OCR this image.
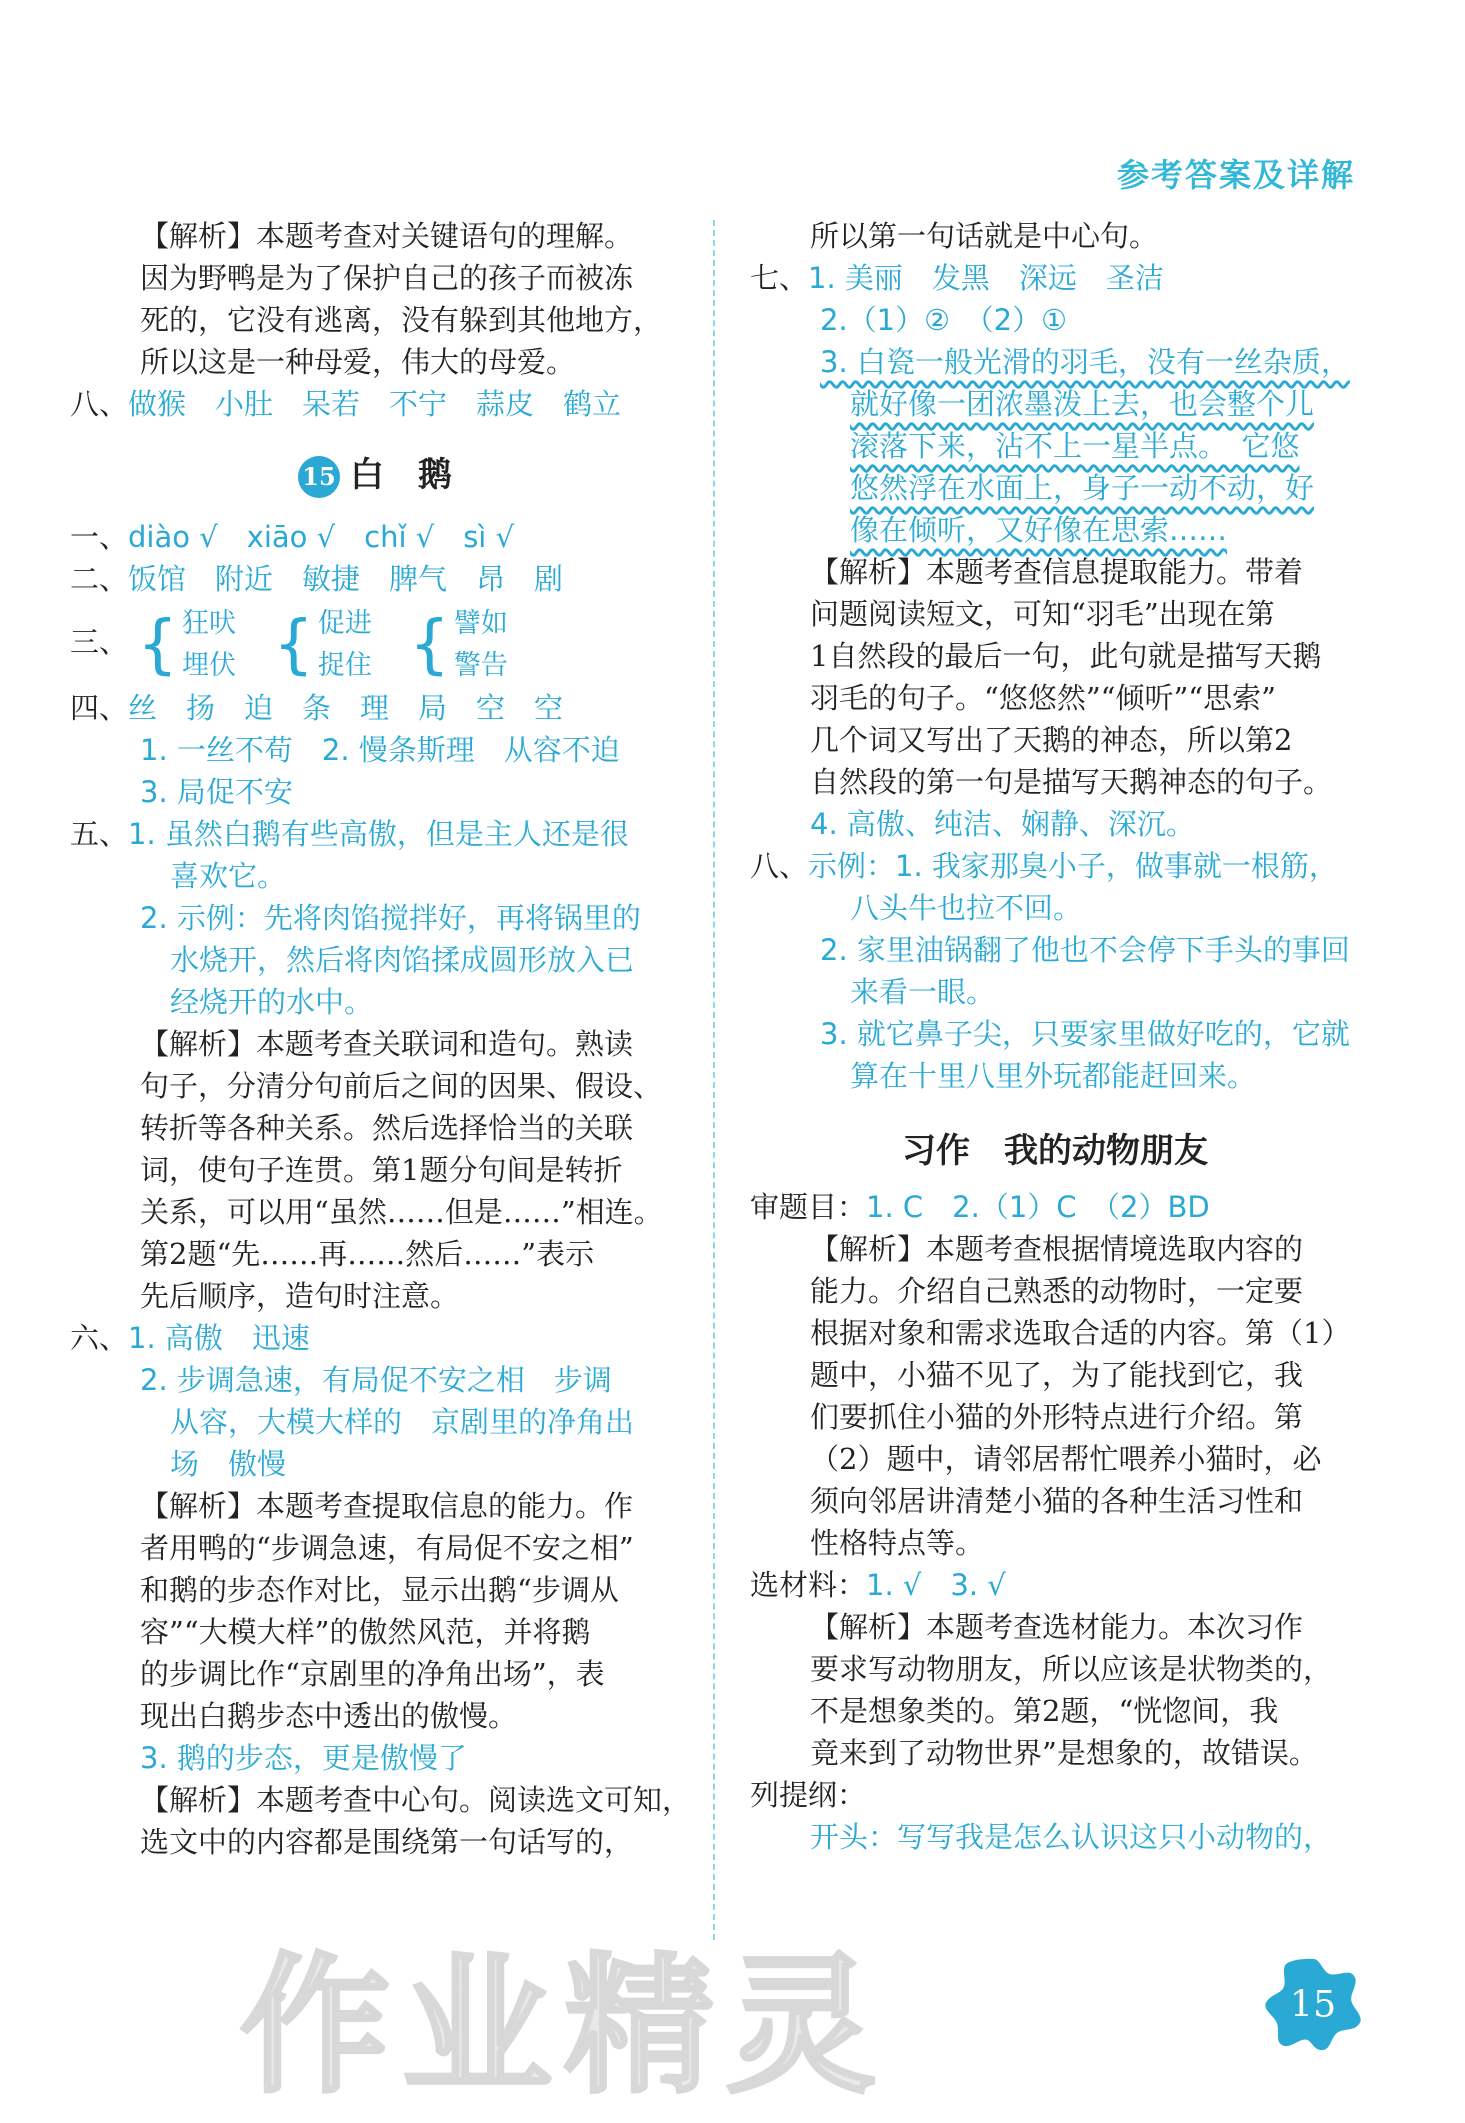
参考答案及详解
【解析】本题考查对关键语句的理解。
因为野鸭是为了保护自己的孩子而被冻
死的，它没有逃离，没有躲到其他地方，
所以这是一种母爱，伟大的母爱。
八、做猴　小肚　呆若　不宁　蒜皮　鹤立
15 白　鹅
一、diào √　xiāo √　chǐ √　sì √
二、饭馆　附近　敏捷　脾气　昂　剧
三、 { 狂吠
埋伏 { 促进
捉住 { 譬如
警告
四、丝　扬　迫　条　理　局　空　空
1. 一丝不苟　2. 慢条斯理　从容不迫
3. 局促不安
五、1. 虽然白鹅有些高傲，但是主人还是很
喜欢它。
2. 示例：先将肉馅搅拌好，再将锅里的
水烧开，然后将肉馅揉成圆形放入已
经烧开的水中。
【解析】本题考查关联词和造句。熟读
句子，分清分句前后之间的因果、假设、
转折等各种关系。然后选择恰当的关联
词，使句子连贯。第1题分句间是转折
关系，可以用“虽然……但是……”相连。
第2题“先……再……然后……”表示
先后顺序，造句时注意。
六、1. 高傲　迅速
2. 步调急速，有局促不安之相　步调
从容，大模大样的　京剧里的净角出
场　傲慢
【解析】本题考查提取信息的能力。作
者用鸭的“步调急速，有局促不安之相”
和鹅的步态作对比，显示出鹅“步调从
容”“大模大样”的傲然风范，并将鹅
的步调比作“京剧里的净角出场”，表
现出白鹅步态中透出的傲慢。
3. 鹅的步态，更是傲慢了
【解析】本题考查中心句。阅读选文可知，
选文中的内容都是围绕第一句话写的，
所以第一句话就是中心句。
七、1. 美丽　发黑　深远　圣洁
2.（1）②　（2）①
3. 白瓷一般光滑的羽毛，没有一丝杂质，
就好像一团浓墨泼上去，也会整个儿
滚落下来，沾不上一星半点。　它悠
悠然浮在水面上，身子一动不动，好
像在倾听，又好像在思索……
【解析】本题考查信息提取能力。带着
问题阅读短文，可知“羽毛”出现在第
1自然段的最后一句，此句就是描写天鹅
羽毛的句子。“悠悠然”“倾听”“思索”
几个词又写出了天鹅的神态，所以第2
自然段的第一句是描写天鹅神态的句子。
4. 高傲、纯洁、娴静、深沉。
八、示例：1. 我家那臭小子，做事就一根筋，
八头牛也拉不回。
2. 家里油锅翻了他也不会停下手头的事回
来看一眼。
3. 就它鼻子尖，只要家里做好吃的，它就
算在十里八里外玩都能赶回来。
习作　我的动物朋友
审题目：1. C　2.（1）C　（2）BD
【解析】本题考查根据情境选取内容的
能力。介绍自己熟悉的动物时，一定要
根据对象和需求选取合适的内容。第（1）
题中，小猫不见了，为了能找到它，我
们要抓住小猫的外形特点进行介绍。第
（2）题中，请邻居帮忙喂养小猫时，必
须向邻居讲清楚小猫的各种生活习性和
性格特点等。
选材料：1. √　3. √
【解析】本题考查选材能力。本次习作
要求写动物朋友，所以应该是状物类的，
不是想象类的。第2题，“恍惚间，我
竟来到了动物世界”是想象的，故错误。
列提纲：
开头：写写我是怎么认识这只小动物的，
作业精灵	15
